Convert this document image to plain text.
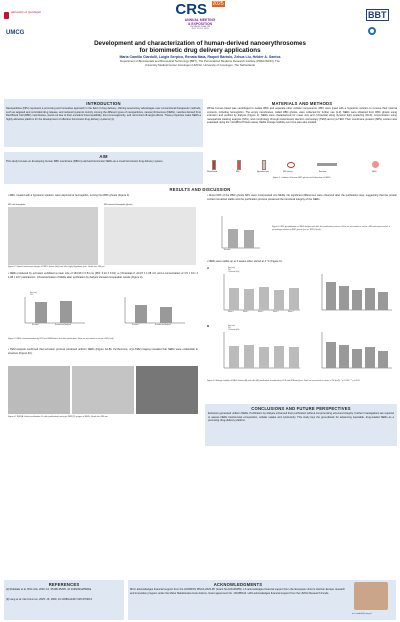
university of groningen
UMCG
CRS $^{2025}$
ANNUAL MEETING
& EXPOSITION
PHILADELPHIA, PA
JULY 15-18, 2025
BBT
Development and characterization of human-derived nanoerythrosomes
for biomimetic drug delivery applications
Maria Camilla Ciardulli, Luigia Serpico, Renata Maia, Raquel Bártolo, Zehua Liu, Hélder A. Santos
Department of Biomaterials and Biomedical Technology (BBT), The Personalized Medicine Research Institute (PRECISION), The
University Medical Center Groningen (UMCG), University of Groningen, The Netherlands
INTRODUCTION
Nanoparticles (NPs) represent a promising and innovative approach in the field of drug delivery, offering several key advantages over conventional therapeutic methods, such as targeted and controlled drug release, and reduced systemic toxicity. Among the different types of nanoparticles, nanoerythrosomes (NERs), vesicles derived from Red Blood Cell (RBC) membranes, stand out due to their excellent biocompatibility, low immunogenicity, and minimized off-target effects. These properties make NERs a highly attractive platform for the development of effective biomimetic drug delivery systems [1].
AIM
This study focuses on developing human RBC membrane (RBCm)-derived biomimetic NERs as a novel biomimetic drug delivery system.
MATERIALS AND METHODS
Whole human blood was centrifuged to isolate RBC and separate other cellular components. RBC were lysed with a hypotonic solution to remove their internal contents, including hemoglobin. The empty membranes, called RBC ghosts, were collected for further use [1-2]. NERs were obtained from RBC ghosts using extrusion and purified by dialysis (Figure 1). NERs were characterized for mean size and ζ-Potential using dynamic light scattering (DLS), concentration using nanoparticle tracking analysis (NTA), and morphology through transmission electron microscopy (TEM) and cryo-TEM. Their membrane proteins (MPs) content was evaluated using the microBCA Protein assay. NERs storage stability over time was also studied.
Whole blood	RBC	Hypotonic lysis	RBC ghosts	Extrusion	NERs
Figure 1. Isolation of human RBC ghosts and fabrication of NERs.
RESULTS AND DISCUSSION
• RBC, treated with a hypotonic solution, were deprived of hemoglobin, turning into RBC ghosts (Figure 2).
RBC with hemoglobin	RBC devoid of hemoglobin (ghosts)
Figure 2. Optical microscope images of RBCs before (left) and after (right) hypotonic lysis. Scale bar: 100 µm.
• NERs produced by extrusion exhibited a mean size of 164.96 ± 6.54 nm (PDI: 0.10 ± 0.04), a ζ-Potential of -23.07 ± 1.68 mV, and a concentration of 4.5 × 10¹¹ ± 1.98 × 10¹⁰ particles/mL. Characterization of NERs after purification by dialysis showed comparable results (Figure 3).
Size (nm)
PDI
Extruded	Extruded and dialyzed	Extruded	Extruded and dialyzed
Figure 3. NERs characterization by DLS and NTA before and after purification. Data are presented as mean ± SD (n=3).
• TEM analysis confirmed that extrusion process produced uniform NERs (Figure 4A-B). Furthermore, cryo-TEM imaging revealed that NERs were unilamellar in structure (Figure 4C).
Figure 4. TEM (A: before purification; B: after purification) and cryo-TEM (C) images of NERs. Scale bar: 200 nm.
• About 60% of the RBC ghosts MPs were incorporated into NERs. No significant differences were observed after the purification step, suggesting that the protein content remained stable and the purification process preserved the structural integrity of the NERs.
Extruded
Figure 5. MPs quantification in NERs before and after the purification process. Data are presented as mean ± SD and expressed as a percentage relative to RBC ghosts (set as 100%) (n=3).
• NERs were stable up to 4 weeks when stored at 4 °C (Figure 6).
A	Size (nm)
PDI
ζ-Potential (mV)
Week 0	Week 1	Week 2	Week 3	Week 4
B	Size (nm)
PDI
ζ-Potential (mV)
Figure 6. Storage stability of NERs before (A) and after (B) purification, monitored by DLS and NTA analyses. Data are presented as mean ± SD (n=3). * p ≤ 0.05, ** p ≤ 0.01.
CONCLUSIONS AND FUTURE PERSPECTIVES
Extrusion generated uniform NERs. Purification by dialysis enhanced their purification without compromising structural integrity. Further investigations are required to assess NERs biochemical composition, cellular uptake and cytotoxicity. This study lays the groundwork for advancing injectable, drug-loaded NERs as a promising drug-delivery platform.
REFERENCES
[1] Rukikaile et al. RSC Adv, 2020; 10, 35198-35205, 10.1039/d0ra05900a
[2] Lang et al, Nat Commun, 2025; 16, 1909, 10.1038/s41467-025-57048-6
ACKNOWLEDGMENTS
MCC acknowledges financial support from the HORIZON MSCA-2023-PF (Grant No.101146655). LS acknowledges financial support from the European Union's Horizon Europe research and innovation program under the Marie Skłodowska-Curie Actions, Grant agreement No. 101185122. HAS acknowledges financial support from the UMCG Research Funds.
m.c.ciardulli@umcg.nl
